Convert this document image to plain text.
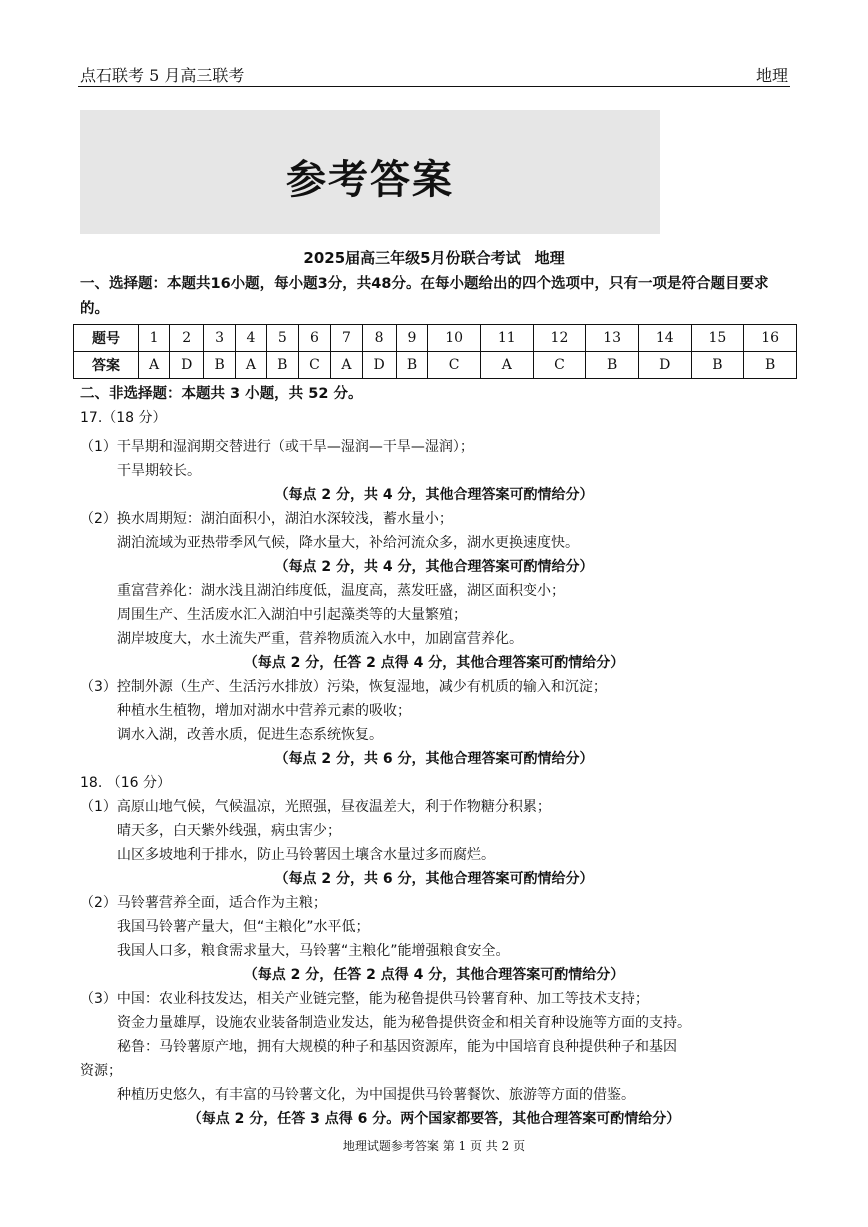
点石联考 5 月高三联考	地理
参考答案
2025届高三年级5月份联合考试 地理
一、选择题：本题共16小题，每小题3分，共48分。在每小题给出的四个选项中，只有一项是符合题目要求
的。
题号	1	2	3	4	5	6	7	8	9	10	11	12	13	14	15	16
答案	A	D	B	A	B	C	A	D	B	C	A	C	B	D	B	B
二、非选择题：本题共 3 小题，共 52 分。
17.（18 分）
（1）干旱期和湿润期交替进行（或干旱—湿润—干旱—湿润）；
干旱期较长。
（每点 2 分，共 4 分，其他合理答案可酌情给分）
（2）换水周期短：湖泊面积小，湖泊水深较浅，蓄水量小；
湖泊流域为亚热带季风气候，降水量大，补给河流众多，湖水更换速度快。
（每点 2 分，共 4 分，其他合理答案可酌情给分）
重富营养化：湖水浅且湖泊纬度低，温度高，蒸发旺盛，湖区面积变小；
周围生产、生活废水汇入湖泊中引起藻类等的大量繁殖；
湖岸坡度大，水土流失严重，营养物质流入水中，加剧富营养化。
（每点 2 分，任答 2 点得 4 分，其他合理答案可酌情给分）
（3）控制外源（生产、生活污水排放）污染，恢复湿地，减少有机质的输入和沉淀；
种植水生植物，增加对湖水中营养元素的吸收；
调水入湖，改善水质，促进生态系统恢复。
（每点 2 分，共 6 分，其他合理答案可酌情给分）
18. （16 分）
（1）高原山地气候，气候温凉，光照强，昼夜温差大，利于作物糖分积累；
晴天多，白天紫外线强，病虫害少；
山区多坡地利于排水，防止马铃薯因土壤含水量过多而腐烂。
（每点 2 分，共 6 分，其他合理答案可酌情给分）
（2）马铃薯营养全面，适合作为主粮；
我国马铃薯产量大，但“主粮化”水平低；
我国人口多，粮食需求量大，马铃薯“主粮化”能增强粮食安全。
（每点 2 分，任答 2 点得 4 分，其他合理答案可酌情给分）
（3）中国：农业科技发达，相关产业链完整，能为秘鲁提供马铃薯育种、加工等技术支持；
资金力量雄厚，设施农业装备制造业发达，能为秘鲁提供资金和相关育种设施等方面的支持。
秘鲁：马铃薯原产地，拥有大规模的种子和基因资源库，能为中国培育良种提供种子和基因
资源；
种植历史悠久，有丰富的马铃薯文化，为中国提供马铃薯餐饮、旅游等方面的借鉴。
（每点 2 分，任答 3 点得 6 分。两个国家都要答，其他合理答案可酌情给分）
地理试题参考答案 第 1 页 共 2 页
